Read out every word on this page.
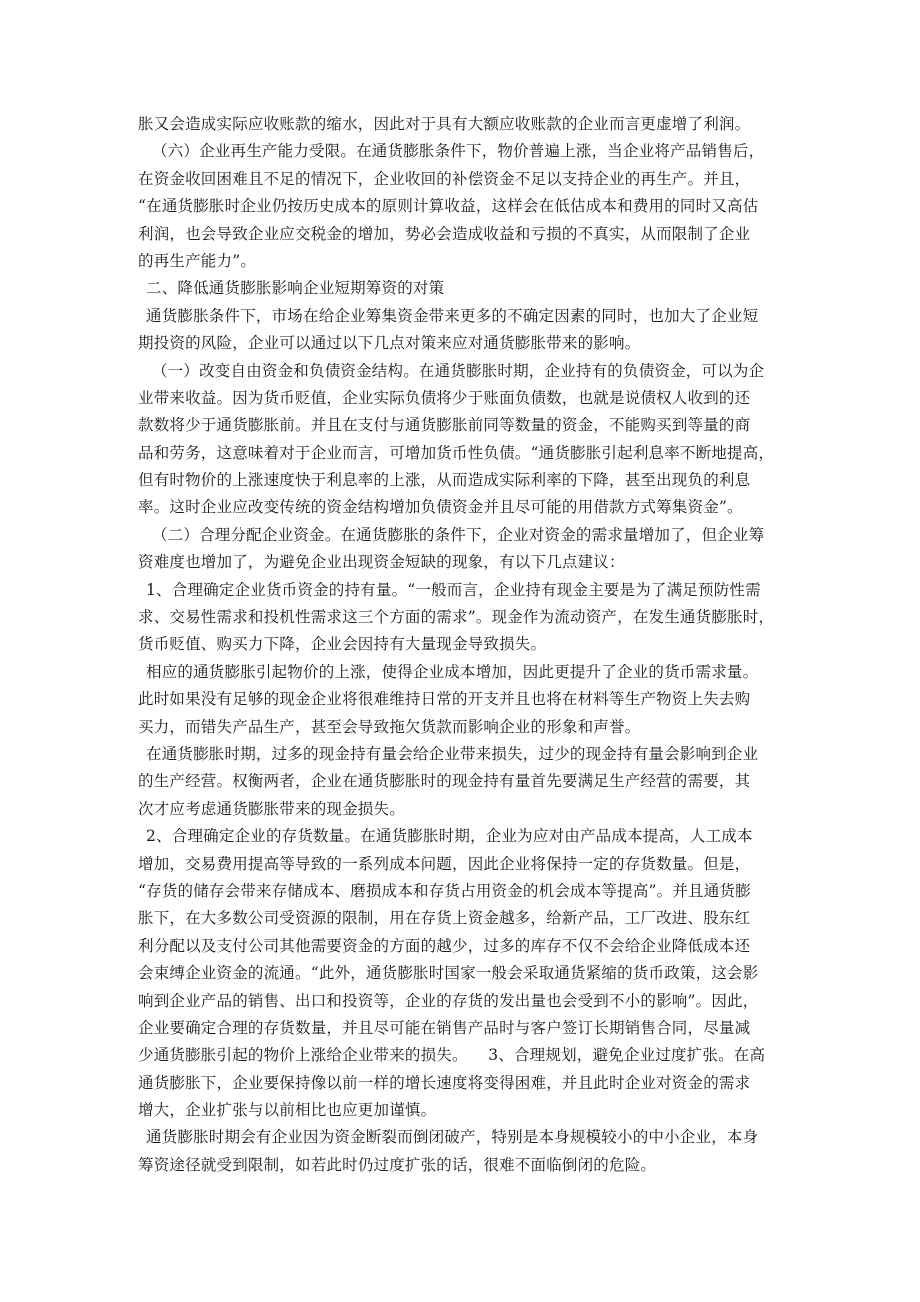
胀又会造成实际应收账款的缩水，因此对于具有大额应收账款的企业而言更虚增了利润。
（六）企业再生产能力受限。在通货膨胀条件下，物价普遍上涨，当企业将产品销售后，
在资金收回困难且不足的情况下，企业收回的补偿资金不足以支持企业的再生产。并且，
“在通货膨胀时企业仍按历史成本的原则计算收益，这样会在低估成本和费用的同时又高估
利润，也会导致企业应交税金的增加，势必会造成收益和亏损的不真实，从而限制了企业
的再生产能力”。
二、降低通货膨胀影响企业短期筹资的对策
通货膨胀条件下，市场在给企业筹集资金带来更多的不确定因素的同时，也加大了企业短
期投资的风险，企业可以通过以下几点对策来应对通货膨胀带来的影响。
（一）改变自由资金和负债资金结构。在通货膨胀时期，企业持有的负债资金，可以为企
业带来收益。因为货币贬值，企业实际负债将少于账面负债数，也就是说债权人收到的还
款数将少于通货膨胀前。并且在支付与通货膨胀前同等数量的资金，不能购买到等量的商
品和劳务，这意味着对于企业而言，可增加货币性负债。“通货膨胀引起利息率不断地提高，
但有时物价的上涨速度快于利息率的上涨，从而造成实际利率的下降，甚至出现负的利息
率。这时企业应改变传统的资金结构增加负债资金并且尽可能的用借款方式筹集资金”。
（二）合理分配企业资金。在通货膨胀的条件下，企业对资金的需求量增加了，但企业筹
资难度也增加了，为避免企业出现资金短缺的现象，有以下几点建议：
1、合理确定企业货币资金的持有量。“一般而言，企业持有现金主要是为了满足预防性需
求、交易性需求和投机性需求这三个方面的需求”。现金作为流动资产，在发生通货膨胀时，
货币贬值、购买力下降，企业会因持有大量现金导致损失。
相应的通货膨胀引起物价的上涨，使得企业成本增加，因此更提升了企业的货币需求量。
此时如果没有足够的现金企业将很难维持日常的开支并且也将在材料等生产物资上失去购
买力，而错失产品生产，甚至会导致拖欠货款而影响企业的形象和声誉。
在通货膨胀时期，过多的现金持有量会给企业带来损失，过少的现金持有量会影响到企业
的生产经营。权衡两者，企业在通货膨胀时的现金持有量首先要满足生产经营的需要，其
次才应考虑通货膨胀带来的现金损失。
2、合理确定企业的存货数量。在通货膨胀时期，企业为应对由产品成本提高，人工成本
增加，交易费用提高等导致的一系列成本问题，因此企业将保持一定的存货数量。但是，
“存货的储存会带来存储成本、磨损成本和存货占用资金的机会成本等提高”。并且通货膨
胀下，在大多数公司受资源的限制，用在存货上资金越多，给新产品，工厂改进、股东红
利分配以及支付公司其他需要资金的方面的越少，过多的库存不仅不会给企业降低成本还
会束缚企业资金的流通。“此外，通货膨胀时国家一般会采取通货紧缩的货币政策，这会影
响到企业产品的销售、出口和投资等，企业的存货的发出量也会受到不小的影响”。因此，
企业要确定合理的存货数量，并且尽可能在销售产品时与客户签订长期销售合同，尽量减
少通货膨胀引起的物价上涨给企业带来的损失。    3、合理规划，避免企业过度扩张。在高
通货膨胀下，企业要保持像以前一样的增长速度将变得困难，并且此时企业对资金的需求
增大，企业扩张与以前相比也应更加谨慎。
通货膨胀时期会有企业因为资金断裂而倒闭破产，特别是本身规模较小的中小企业，本身
筹资途径就受到限制，如若此时仍过度扩张的话，很难不面临倒闭的危险。
